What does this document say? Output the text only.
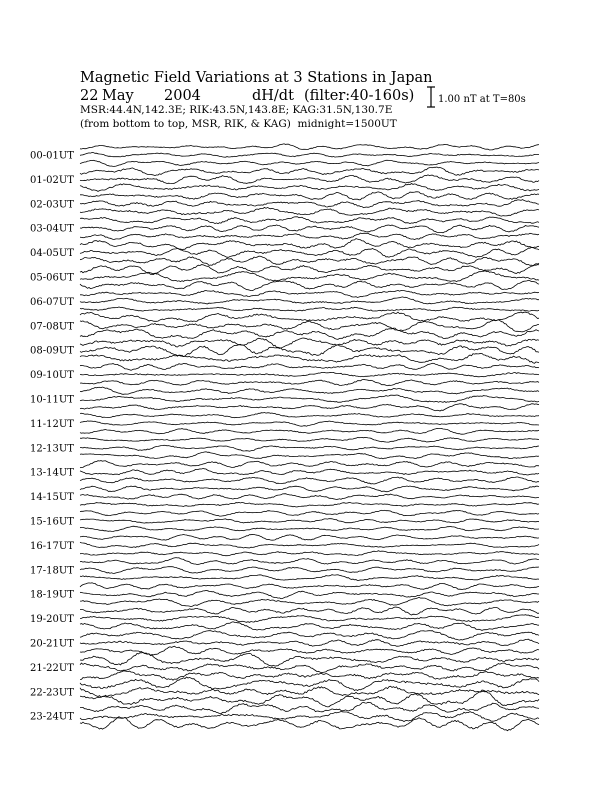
Magnetic Field Variations at 3 Stations in Japan
22 May 2004	dH/dt (filter:40-160s)
MSR:44.4N,142.3E; RIK:43.5N,143.8E; KAG:31.5N,130.7E
(from bottom to top, MSR, RIK, & KAG) midnight=1500UT
1.00 nT at T=80s
00-01UT
01-02UT
02-03UT
03-04UT
04-05UT
05-06UT
06-07UT
07-08UT
08-09UT
09-10UT
10-11UT
11-12UT
12-13UT
13-14UT
14-15UT
15-16UT
16-17UT
17-18UT
18-19UT
19-20UT
20-21UT
21-22UT
22-23UT
23-24UT
